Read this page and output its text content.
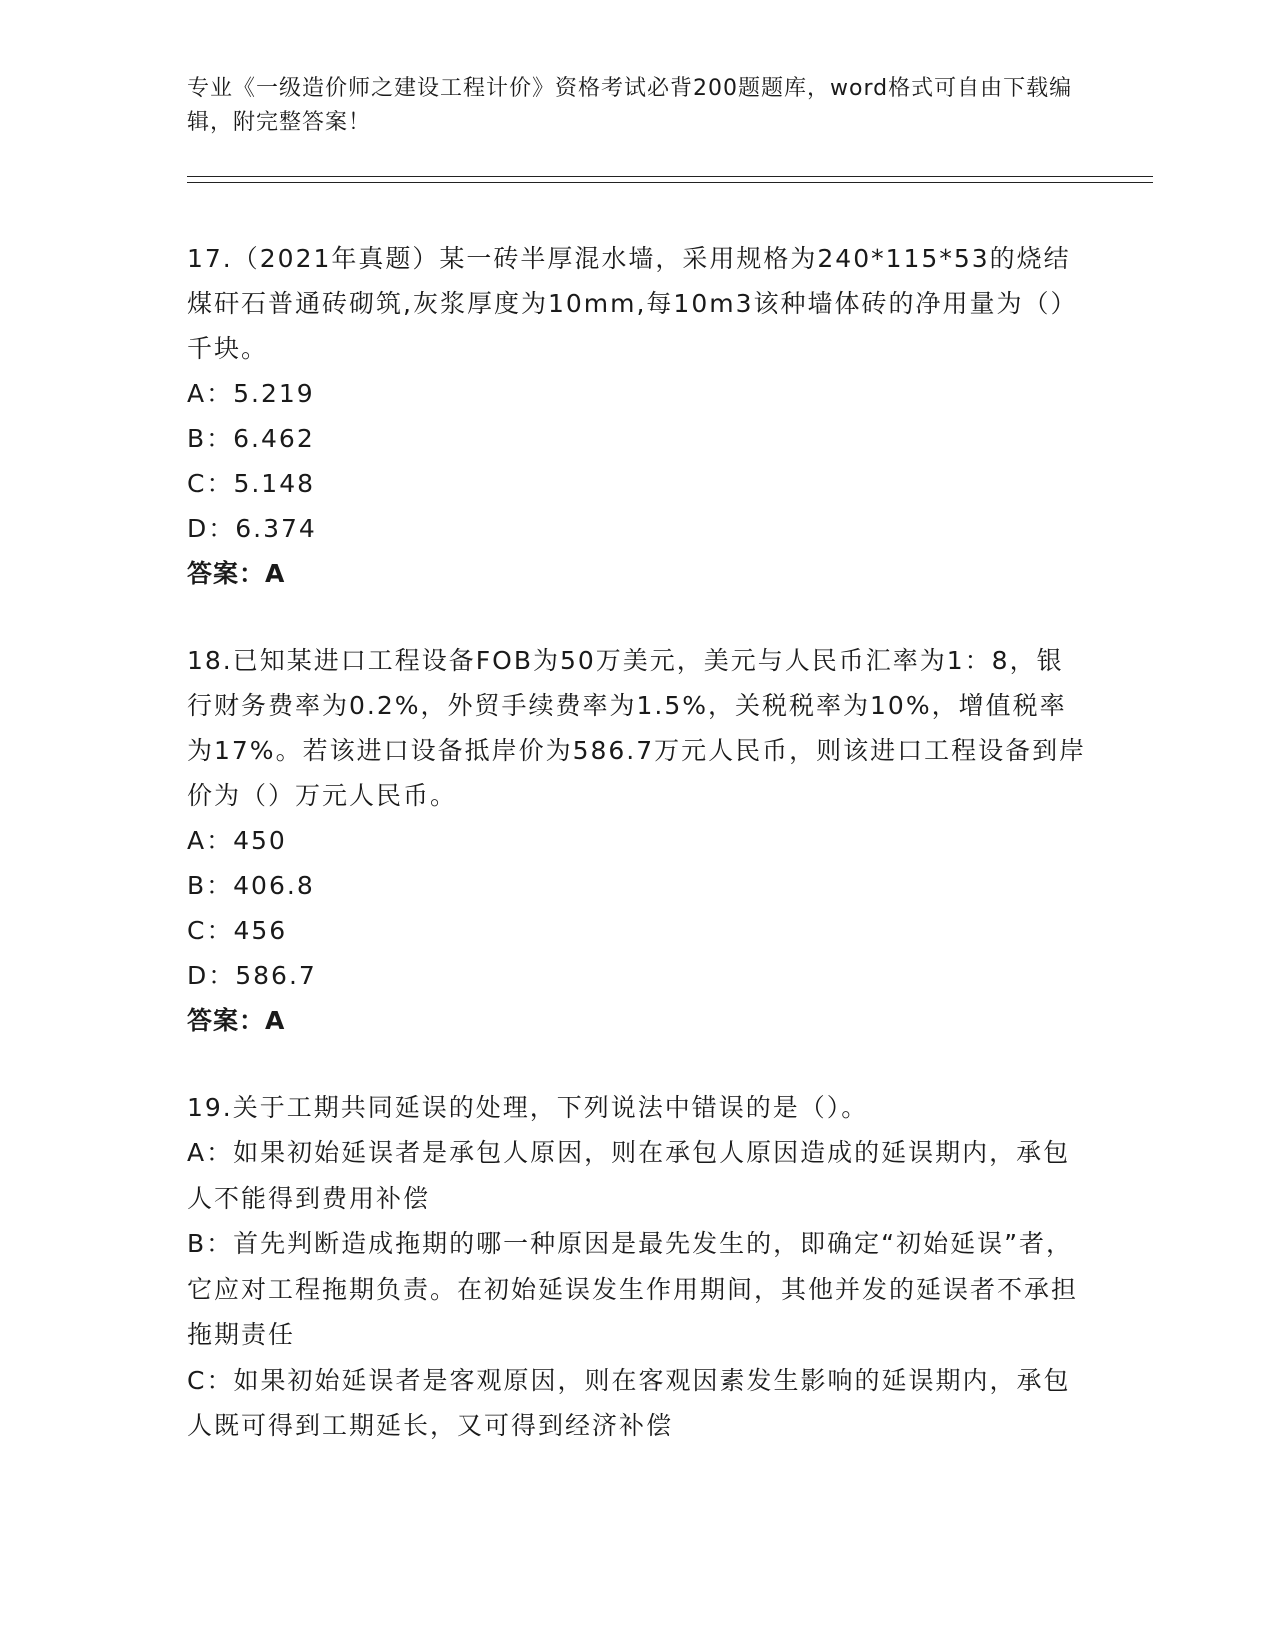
专业《一级造价师之建设工程计价》资格考试必背200题题库，word格式可自由下载编辑，附完整答案！

17.（2021年真题）某一砖半厚混水墙，采用规格为240*115*53的烧结煤矸石普通砖砌筑,灰浆厚度为10mm,每10m3该种墙体砖的净用量为（）千块。

A：5.219

B：6.462

C：5.148

D：6.374

答案：A

18.已知某进口工程设备FOB为50万美元，美元与人民币汇率为1：8，银行财务费率为0.2%，外贸手续费率为1.5%，关税税率为10%，增值税率为17%。若该进口设备抵岸价为586.7万元人民币，则该进口工程设备到岸价为（）万元人民币。

A：450

B：406.8

C：456

D：586.7

答案：A

19.关于工期共同延误的处理，下列说法中错误的是（）。

A：如果初始延误者是承包人原因，则在承包人原因造成的延误期内，承包人不能得到费用补偿

B：首先判断造成拖期的哪一种原因是最先发生的，即确定“初始延误”者，它应对工程拖期负责。在初始延误发生作用期间，其他并发的延误者不承担拖期责任

C：如果初始延误者是客观原因，则在客观因素发生影响的延误期内，承包人既可得到工期延长，又可得到经济补偿
